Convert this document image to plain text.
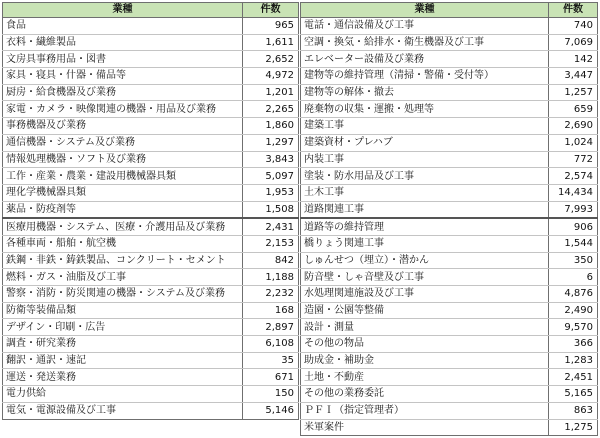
業種	件数
食品	965
衣料・繊維製品	1,611
文房具事務用品・図書	2,652
家具・寝具・什器・備品等	4,972
厨房・給食機器及び業務	1,201
家電・カメラ・映像関連の機器・用品及び業務	2,265
事務機器及び業務	1,860
通信機器・システム及び業務	1,297
情報処理機器・ソフト及び業務	3,843
工作・産業・農業・建設用機械器具類	5,097
理化学機械器具類	1,953
薬品・防疫剤等	1,508
医療用機器・システム、医療・介護用品及び業務	2,431
各種車両・船舶・航空機	2,153
鉄鋼・非鉄・鋳鉄製品、コンクリート・セメント	842
燃料・ガス・油脂及び工事	1,188
警察・消防・防災関連の機器・システム及び業務	2,232
防衛等装備品類	168
デザイン・印刷・広告	2,897
調査・研究業務	6,108
翻訳・通訳・速記	35
運送・発送業務	671
電力供給	150
電気・電源設備及び工事	5,146
業種	件数
電話・通信設備及び工事	740
空調・換気・給排水・衛生機器及び工事	7,069
エレベーター設備及び業務	142
建物等の維持管理（清掃・警備・受付等）	3,447
建物等の解体・撤去	1,257
廃棄物の収集・運搬・処理等	659
建築工事	2,690
建築資材・プレハブ	1,024
内装工事	772
塗装・防水用品及び工事	2,574
土木工事	14,434
道路関連工事	7,993
道路等の維持管理	906
橋りょう関連工事	1,544
しゅんせつ（埋立）・潜かん	350
防音壁・しゃ音壁及び工事	6
水処理関連施設及び工事	4,876
造園・公園等整備	2,490
設計・測量	9,570
その他の物品	366
助成金・補助金	1,283
土地・不動産	2,451
その他の業務委託	5,165
ＰＦＩ（指定管理者）	863
米軍案件	1,275
